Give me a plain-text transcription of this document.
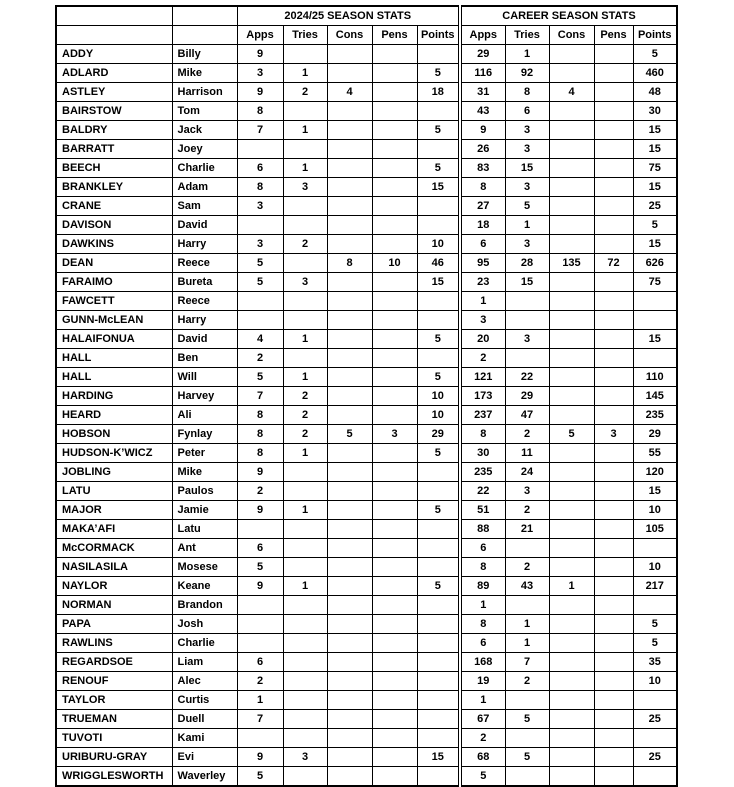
		2024/25 SEASON STATS					CAREER SEASON STATS				
		Apps	Tries	Cons	Pens	Points	Apps	Tries	Cons	Pens	Points
ADDY	Billy	9					29	1			5
ADLARD	Mike	3	1			5	116	92			460
ASTLEY	Harrison	9	2	4		18	31	8	4		48
BAIRSTOW	Tom	8					43	6			30
BALDRY	Jack	7	1			5	9	3			15
BARRATT	Joey						26	3			15
BEECH	Charlie	6	1			5	83	15			75
BRANKLEY	Adam	8	3			15	8	3			15
CRANE	Sam	3					27	5			25
DAVISON	David						18	1			5
DAWKINS	Harry	3	2			10	6	3			15
DEAN	Reece	5		8	10	46	95	28	135	72	626
FARAIMO	Bureta	5	3			15	23	15			75
FAWCETT	Reece						1				
GUNN-McLEAN	Harry						3				
HALAIFONUA	David	4	1			5	20	3			15
HALL	Ben	2					2				
HALL	Will	5	1			5	121	22			110
HARDING	Harvey	7	2			10	173	29			145
HEARD	Ali	8	2			10	237	47			235
HOBSON	Fynlay	8	2	5	3	29	8	2	5	3	29
HUDSON-K’WICZ	Peter	8	1			5	30	11			55
JOBLING	Mike	9					235	24			120
LATU	Paulos	2					22	3			15
MAJOR	Jamie	9	1			5	51	2			10
MAKA’AFI	Latu						88	21			105
McCORMACK	Ant	6					6				
NASILASILA	Mosese	5					8	2			10
NAYLOR	Keane	9	1			5	89	43	1		217
NORMAN	Brandon						1				
PAPA	Josh						8	1			5
RAWLINS	Charlie						6	1			5
REGARDSOE	Liam	6					168	7			35
RENOUF	Alec	2					19	2			10
TAYLOR	Curtis	1					1				
TRUEMAN	Duell	7					67	5			25
TUVOTI	Kami						2				
URIBURU-GRAY	Evi	9	3			15	68	5			25
WRIGGLESWORTH	Waverley	5					5				
